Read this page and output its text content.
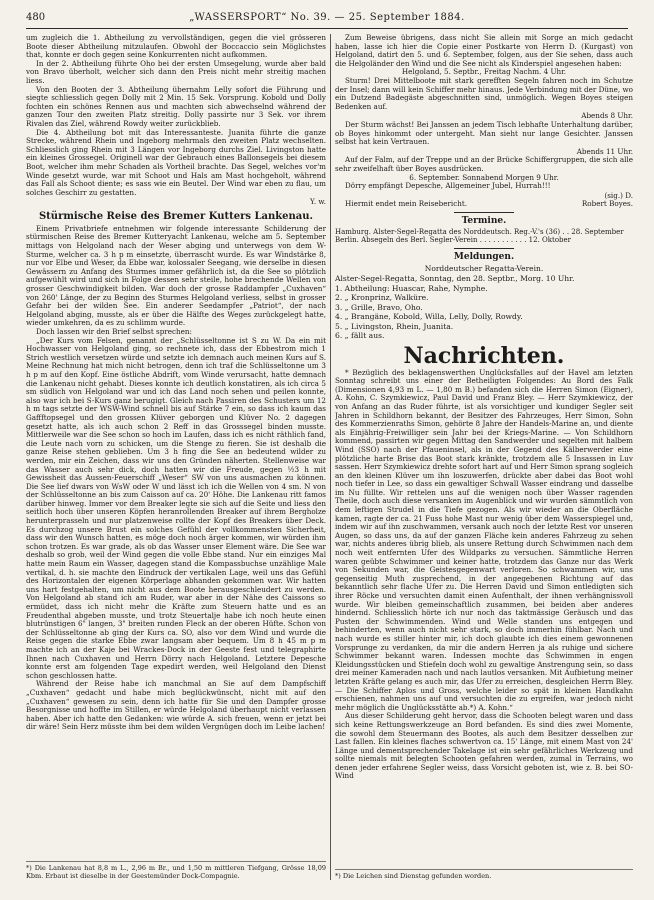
480	„WASSERSPORT“ No. 39. — 25. September 1884.

um zugleich die 1. Abtheilung zu vervollständigen, gegen die viel grösseren Boote dieser Abtheilung mitzulaufen. Obwohl der Boccaccio sein Möglichstes that, konnte er doch gegen seine Konkurrenten nicht aufkommen.

In der 2. Abtheilung führte Oho bei der ersten Umsegelung, wurde aber bald von Bravo überholt, welcher sich dann den Preis nicht mehr streitig machen liess.

Von den Booten der 3. Abtheilung übernahm Lelly sofort die Führung und siegte schliesslich gegen Dolly mit 2 Min. 15 Sek. Vorsprung. Kobold und Dolly fochten ein schönes Rennen aus und machten sich abwechselnd während der ganzen Tour den zweiten Platz streitig. Dolly passirte nur 3 Sek. vor ihrem Rivalen das Ziel, während Rowdy weiter zurückblieb.

Die 4. Abtheilung bot mit das Interessanteste. Juanita führte die ganze Strecke, während Rhein und Ingeborg mehrmals den zweiten Platz wechselten. Schliesslich ging Rhein mit 3 Längen vor Ingeborg durchs Ziel. Livingston hatte ein kleines Grossegel. Originell war der Gebrauch eines Ballonsegels bei diesem Boot, welcher ihm mehr Schaden als Vortheil brachte. Das Segel, welches vor'm Winde gesetzt wurde, war mit Schoot und Hals am Mast hochgeholt, während das Fall als Schoot diente; es sass wie ein Beutel. Der Wind war eben zu flau, um solches Geschirr zu gestatten.

Y. w.
Stürmische Reise des Bremer Kutters Lankenau.

Einem Privatbriefe entnehmen wir folgende interessante Schilderung der stürmischen Reise des Bremer Kutteryacht Lankenau, welche am 5. September mittags von Helgoland nach der Weser abging und unterwegs von dem W-Sturme, welcher ca. 3 h p m einsetzte, überrascht wurde. Es war Windstärke 8, nur vor Elbe und Weser, da Ebbe war, kolossaler Seegang, wie derselbe in diesen Gewässern zu Anfang des Sturmes immer gefährlich ist, da die See so plötzlich aufgewühlt wird und sich in Folge dessen sehr steile, hohe brechende Wellen von grosser Geschwindigkeit bilden. War doch der grosse Raddampfer „Cuxhaven“ von 260' Länge, der zu Beginn des Sturmes Helgoland verliess, selbst in grosser Gefahr bei der wilden See. Ein anderer Seedampfer „Patriot“, der nach Helgoland abging, musste, als er über die Hälfte des Weges zurückgelegt hatte, wieder umkehren, da es zu schlimm wurde.

Doch lassen wir den Brief selbst sprechen:

„Der Kurs vom Felsen, genannt der „Schlüsseltonne ist S zu W. Da ein mit Hochwasser von Helgoland ging, so rechnete ich, dass der Ebbestrom mich 1 Strich westlich versetzen würde und setzte ich demnach auch meinen Kurs auf S. Meine Rechnung hat mich nicht betrogen, denn ich traf die Schlüsseltonne um 3 h p m auf den Kopf. Eine östliche Abdrift, vom Winde verursacht, hatte demnach die Lankenau nicht gehabt. Dieses konnte ich deutlich konstatiren, als ich circa 5 sm südlich von Helgoland war und ich das Land noch sehen und peilen konnte, also war ich bei S-Kurs ganz berugigt. Gleich nach Passiren des Schusters um 12 h m tags setzte der WSW-Wind schnell bis auf Stärke 7 ein, so dass ich kaum das Gaffftopsegel und den grossen Klüver geborgen und Klüver No. 2 dagegen gesetzt hatte, als ich auch schon 2 Reff in das Grosssegel binden musste. Mittlerweile war die See schon so hoch im Laufen, dass ich es nicht räthlich fand, die Leute nach vorn zu schicken, um die Stenge zu fieren. Sie ist deshalb die ganze Reise stehen geblieben. Um 3 h fing die See an bedeutend wilder zu werden, mir ein Zeichen, dass wir uns den Gründen näherten. Stellenweise war das Wasser auch sehr dick, doch hatten wir die Freude, gegen ½3 h mit Gewissheit das Aussen-Feuerschiff „Weser“ SW von uns ausmachen zu können. Die See lief dwars von WsW oder W und lässt ich ich die Wellen von 4 sm. N von der Schlüsseltonne an bis zum Caisson auf ca. 20' Höhe. Die Lankenau ritt famos darüber hinweg. Immer vor dem Breaker legte sie sich auf die Seite und liess den seitlich hoch über unseren Köpfen heranrollenden Breaker auf ihrem Bergholze herunterprasseln und nur platzenweise rollte der Kopf des Breakers über Deck. Es durchzog unsere Brust ein solches Gefühl der vollkommensten Sicherheit, dass wir den Wunsch hatten, es möge doch noch ärger kommen, wir würden ihm schon trotzen. Es war grade, als ob das Wasser unser Element wäre. Die See war deshalb so grob, weil der Wind gegen die volle Ebbe stand. Nur ein einziges Mal hatte mein Raum ein Wasser, dagegen stand die Kompassbuchse unzählige Male vertikal, d. h. sie machte den Eindruck der vertikalen Lage, weil uns das Gefühl des Horizontalen der eigenen Körperlage abhanden gekommen war. Wir hatten uns hart festgehalten, um nicht aus dem Boote herausgeschleudert zu werden. Von Helgoland ab stand ich am Ruder, war aber in der Nähe des Caissons so ermüdet, dass ich nicht mehr die Kräfte zum Steuern hatte und es an Freudenthal abgeben musste, und trotz Steuertalje habe ich noch heute einen blutrünstigen 6" langen, 3" breiten runden Fleck an der oberen Hüfte. Schon von der Schlüsseltonne ab ging der Kurs ca. SO, also vor dem Wind und wurde die Reise gegen die starke Ebbe zwar langsam aber bequem. Um 8 h 45 m p m machte ich an der Kaje bei Wrackes-Dock in der Geeste fest und telegraphirte Ihnen nach Cuxhaven und Herrn Dörry nach Helgoland. Letztere Depesche konnte erst am folgenden Tage expedirt werden, weil Helgoland den Dienst schon geschlossen hatte.

Während der Reise habe ich manchmal an Sie auf dem Dampfschiff „Cuxhaven“ gedacht und habe mich beglückwünscht, nicht mit auf den „Cuxhaven“ gewesen zu sein, denn ich hatte für Sie und den Dampfer grosse Besorgnisse und hoffte im Stillen, er würde Helgoland überhaupt nicht verlassen haben. Aber ich hatte den Gedanken: wie würde A. sich freuen, wenn er jetzt bei dir wäre! Sein Herz müsste ihm bei dem wilden Vergnügen doch im Leibe lachen!

*) Die Lankenau hat 8,8 m L., 2,96 m Br., und 1,50 m mittleren Tiefgang, Grösse 18,09 Kbm. Erbaut ist dieselbe in der Geestemünder Dock-Compagnie.

Zum Beweise übrigens, dass nicht Sie allein mit Sorge an mich gedacht haben, lasse ich hier die Copie einer Postkarte von Herrn D. (Kurgast) von Helgoland, datirt den 5. und 6. September, folgen, aus der Sie sehen, dass auch die Helgoländer den Wind und die See nicht als Kinderspiel angesehen haben:

Helgoland, 5. Septbr., Freitag Nachm. 4 Uhr.

Sturm! Drei Mittelboote mit stark gerefften Segeln fahren noch im Schutze der Insel; dann will kein Schiffer mehr hinaus. Jede Verbindung mit der Düne, wo ein Dutzend Badegäste abgeschnitten sind, unmöglich. Wegen Boyes steigen Bedenken auf.

Abends 8 Uhr.

Der Sturm wächst! Bei Janssen an jedem Tisch lebhafte Unterhaltung darüber, ob Boyes hinkommt oder untergeht. Man sieht nur lange Gesichter. Janssen selbst hat kein Vertrauen.

Abends 11 Uhr.

Auf der Falm, auf der Treppe und an der Brücke Schiffergruppen, die sich alle sehr zweifelhaft über Boyes ausdrücken.

6. September. Sonnabend Morgen 9 Uhr.

Dörry empfängt Depesche, Allgemeiner Jubel, Hurrah!!!

(sig.) D.

Hiermit endet mein Reisebericht.	Robert Boyes.

Termine.
Hamburg. Alster-Segel-Regatta des Norddeutsch. Reg.-V.'s (36) . . 28. September
Berlin. Absegeln des Berl. Segler-Verein . . . . . . . . . . . 12. Oktober
Meldungen.
Norddeutscher Regatta-Verein.
Alster-Segel-Regatta, Sonntag, den 28. Septbr., Morg. 10 Uhr.
1. Abtheilung: Huascar, Rahe, Nymphe.
2. „ Kronprinz, Walküre.
3. „ Grille, Bravo, Oho.
4. „ Brangäne, Kobold, Willa, Lelly, Dolly, Rowdy.
5. „ Livingston, Rhein, Juanita.
6. „ fällt aus.
Nachrichten.

* Bezüglich des beklagenswerthen Unglücksfalles auf der Havel am letzten Sonntag schreibt uns einer der Betheiligten Folgendes: Au Bord des Falk (Dimensionen 4,93 m L. — 1,80 m B.) befanden sich die Herren Simon (Eigner), A. Kohn, C. Szymkiewicz, Paul David und Franz Bley. — Herr Szymkiewicz, der von Anfang an das Ruder führte, ist als vorsichtiger und kundiger Segler seit Jahren in Schildhorn bekannt, der Besitzer des Fahrzeuges, Herr Simon, Sohn des Kommerzienraths Simon, gehörte 8 Jahre der Handels-Marine an, und diente als Einjährig-Freiwilliger sein Jahr bei der Kriegs-Marine. — Von Schildhorn kommend, passirten wir gegen Mittag den Sandwerder und segelten mit halbem Wind (SSO) nach der Pfaueninsel, als in der Gegend des Kälberwerder eine plötzliche harte Brise das Boot stark kränkte, trotzdem alle 5 Insassen in Luv sassen. Herr Szymkiewicz drehte sofort hart auf und Herr Simon sprang sogleich an den kleinen Klüver um ihn loszuwerfen, drückte aber dabei das Boot wohl noch tiefer in Lee, so dass ein gewaltiger Schwall Wasser eindrang und dasselbe im Nu füllte. Wir rettelen uns auf die wenigen noch über Wasser ragenden Theile, doch auch diese versanken im Augenblick und wir wurden sämmtlich von dem leftigen Strudel in die Tiefe gezogen. Als wir wieder an die Oberfläche kamen, ragte der ca. 21 Fuss hohe Mast nur wenig über dem Wasserspiegel und, indem wir auf ihn zuschwammen, versank auch noch der letzte Rest vor unseren Augen, so dass uns, da auf der ganzen Fläche kein anderes Fahrzeug zu sehen war, nichts anderes übrig blieb, als unsere Rettung durch Schwimmen nach dem noch weit entfernten Ufer des Wildparks zu versuchen. Sämmtliche Herren waren geübte Schwimmer und keiner hatte, trotzdem das Ganze nur das Werk von Sekunden war, die Geistesgegenwart verloren. So schwammen wir, uns gegenseitig Muth zusprechend, in der angegebenen Richtung auf das bekanntlich sehr flache Ufer zu. Die Herren David und Simon entledigten sich ihrer Röcke und versuchten damit einen Aufenthalt, der ihnen verhängnissvoll wurde. Wir bleiben gemeinschaftlich zusammen, bei beiden aber anderes hindernd. Schliesslich hörte ich nur noch das taktmässige Geräusch und das Pusten der Schwimmenden. Wind und Welle standen uns entgegen und behinderten, wenn auch nicht sehr stark, so doch immerhin fühlbar. Nach und nach wurde es stiller hinter mir, ich doch glaubte ich dies einem gewonnenen Vorsprunge zu verdanken, da mir die andern Herren ja als ruhige und sichere Schwimmer bekannt waren. Indessen mochte das Schwimmen in engen Kleidungsstücken und Stiefeln doch wohl zu gewaltige Anstrengung sein, so dass drei meiner Kameraden nach und nach lautlos versanken. Mit Aufbietung meiner letzten Kräfte gelang es auch mir, das Ufer zu erreichen, desgleichen Herrn Bley. — Die Schiffer Aplos und Gross, welche leider so spät in kleinen Handkahn erschienen, nahmen uns auf und versuchten die zu ergreifen, war jedoch nicht mehr möglich die Unglücksstätte ab.*) A. Kohn.“

Aus dieser Schilderung geht hervor, dass die Schooten belegt waren und dass sich keine Rettungswerkzeuge an Bord befanden. Es sind dies zwei Momente, die sowohl dem Steuermann des Bootes, als auch dem Besitzer desselben zur Last fallen. Ein kleines flaches schwertvon ca. 15' Länge, mit einem Mast von 24' Länge und dementsprechender Takelage ist ein sehr gefährliches Werkzeug und sollte niemals mit belegten Schooten gefahren werden, zumal in Terrains, wo denen jeder erfahrene Segler weiss, dass Vorsicht geboten ist, wie z. B. bei SO-Wind

*) Die Leichen sind Dienstag gefunden worden.
